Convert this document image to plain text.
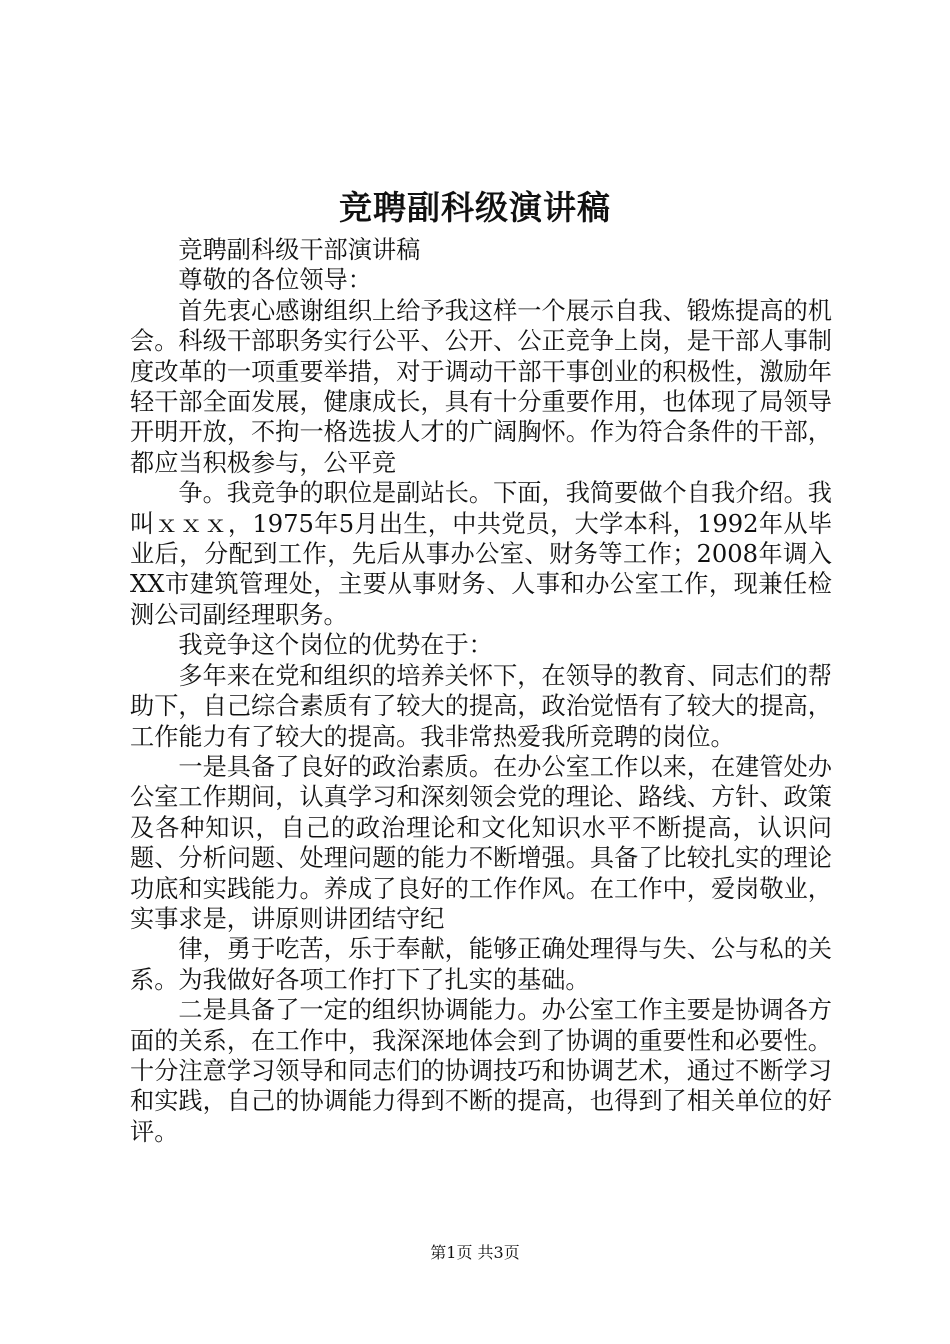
竞聘副科级演讲稿

竞聘副科级干部演讲稿

尊敬的各位领导：

首先衷心感谢组织上给予我这样一个展示自我、锻炼提高的机会。科级干部职务实行公平、公开、公正竞争上岗，是干部人事制度改革的一项重要举措，对于调动干部干事创业的积极性，激励年轻干部全面发展，健康成长，具有十分重要作用，也体现了局领导开明开放，不拘一格选拔人才的广阔胸怀。作为符合条件的干部，都应当积极参与，公平竞

争。我竞争的职位是副站长。下面，我简要做个自我介绍。我叫ｘｘｘ，1975年5月出生，中共党员，大学本科，1992年从毕业后，分配到工作，先后从事办公室、财务等工作；2008年调入XX市建筑管理处，主要从事财务、人事和办公室工作，现兼任检测公司副经理职务。

我竞争这个岗位的优势在于：

多年来在党和组织的培养关怀下，在领导的教育、同志们的帮助下，自己综合素质有了较大的提高，政治觉悟有了较大的提高，工作能力有了较大的提高。我非常热爱我所竞聘的岗位。

一是具备了良好的政治素质。在办公室工作以来，在建管处办公室工作期间，认真学习和深刻领会党的理论、路线、方针、政策及各种知识，自己的政治理论和文化知识水平不断提高，认识问题、分析问题、处理问题的能力不断增强。具备了比较扎实的理论功底和实践能力。养成了良好的工作作风。在工作中，爱岗敬业，实事求是，讲原则讲团结守纪

律，勇于吃苦，乐于奉献，能够正确处理得与失、公与私的关系。为我做好各项工作打下了扎实的基础。

二是具备了一定的组织协调能力。办公室工作主要是协调各方面的关系，在工作中，我深深地体会到了协调的重要性和必要性。十分注意学习领导和同志们的协调技巧和协调艺术，通过不断学习和实践，自己的协调能力得到不断的提高，也得到了相关单位的好评。

第1页 共3页
